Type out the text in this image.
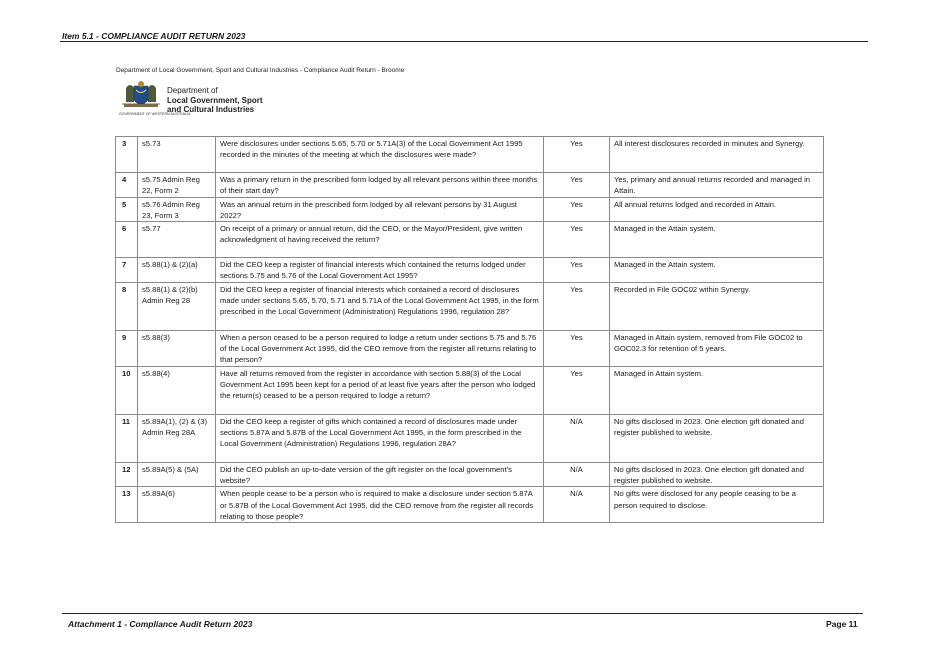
Item 5.1 - COMPLIANCE AUDIT RETURN 2023
Department of Local Government, Sport and Cultural Industries - Compliance Audit Return - Broome
GOVERNMENT OF WESTERN AUSTRALIA
Department of
Local Government, Sport
and Cultural Industries
3	s5.73	Were disclosures under sections 5.65, 5.70 or 5.71A(3) of the Local Government Act 1995 recorded in the minutes of the meeting at which the disclosures were made?	Yes	All interest disclosures recorded in minutes and Synergy.
4	s5.75 Admin Reg 22, Form 2	Was a primary return in the prescribed form lodged by all relevant persons within three months of their start day?	Yes	Yes, primary and annual returns recorded and managed in Attain.
5	s5.76 Admin Reg 23, Form 3	Was an annual return in the prescribed form lodged by all relevant persons by 31 August 2022?	Yes	All annual returns lodged and recorded in Attain.
6	s5.77	On receipt of a primary or annual return, did the CEO, or the Mayor/President, give written acknowledgment of having received the return?	Yes	Managed in the Attain system.
7	s5.88(1) & (2)(a)	Did the CEO keep a register of financial interests which contained the returns lodged under sections 5.75 and 5.76 of the Local Government Act 1995?	Yes	Managed in the Attain system.
8	s5.88(1) & (2)(b) Admin Reg 28	Did the CEO keep a register of financial interests which contained a record of disclosures made under sections 5.65, 5.70, 5.71 and 5.71A of the Local Government Act 1995, in the form prescribed in the Local Government (Administration) Regulations 1996, regulation 28?	Yes	Recorded in File GOC02 within Synergy.
9	s5.88(3)	When a person ceased to be a person required to lodge a return under sections 5.75 and 5.76 of the Local Government Act 1995, did the CEO remove from the register all returns relating to that person?	Yes	Managed in Attain system, removed from File GOC02 to GOC02.3 for retention of 5 years.
10	s5.88(4)	Have all returns removed from the register in accordance with section 5.88(3) of the Local Government Act 1995 been kept for a period of at least five years after the person who lodged the return(s) ceased to be a person required to lodge a return?	Yes	Managed in Attain system.
11	s5.89A(1), (2) & (3) Admin Reg 28A	Did the CEO keep a register of gifts which contained a record of disclosures made under sections 5.87A and 5.87B of the Local Government Act 1995, in the form prescribed in the Local Government (Administration) Regulations 1996, regulation 28A?	N/A	No gifts disclosed in 2023. One election gift donated and register published to website.
12	s5.89A(5) & (5A)	Did the CEO publish an up-to-date version of the gift register on the local government’s website?	N/A	No gifts disclosed in 2023. One election gift donated and register published to website.
13	s5.89A(6)	When people cease to be a person who is required to make a disclosure under section 5.87A or 5.87B of the Local Government Act 1995, did the CEO remove from the register all records relating to those people?	N/A	No gifts were disclosed for any people ceasing to be a person required to disclose.
Attachment 1 - Compliance Audit Return 2023	Page 11
